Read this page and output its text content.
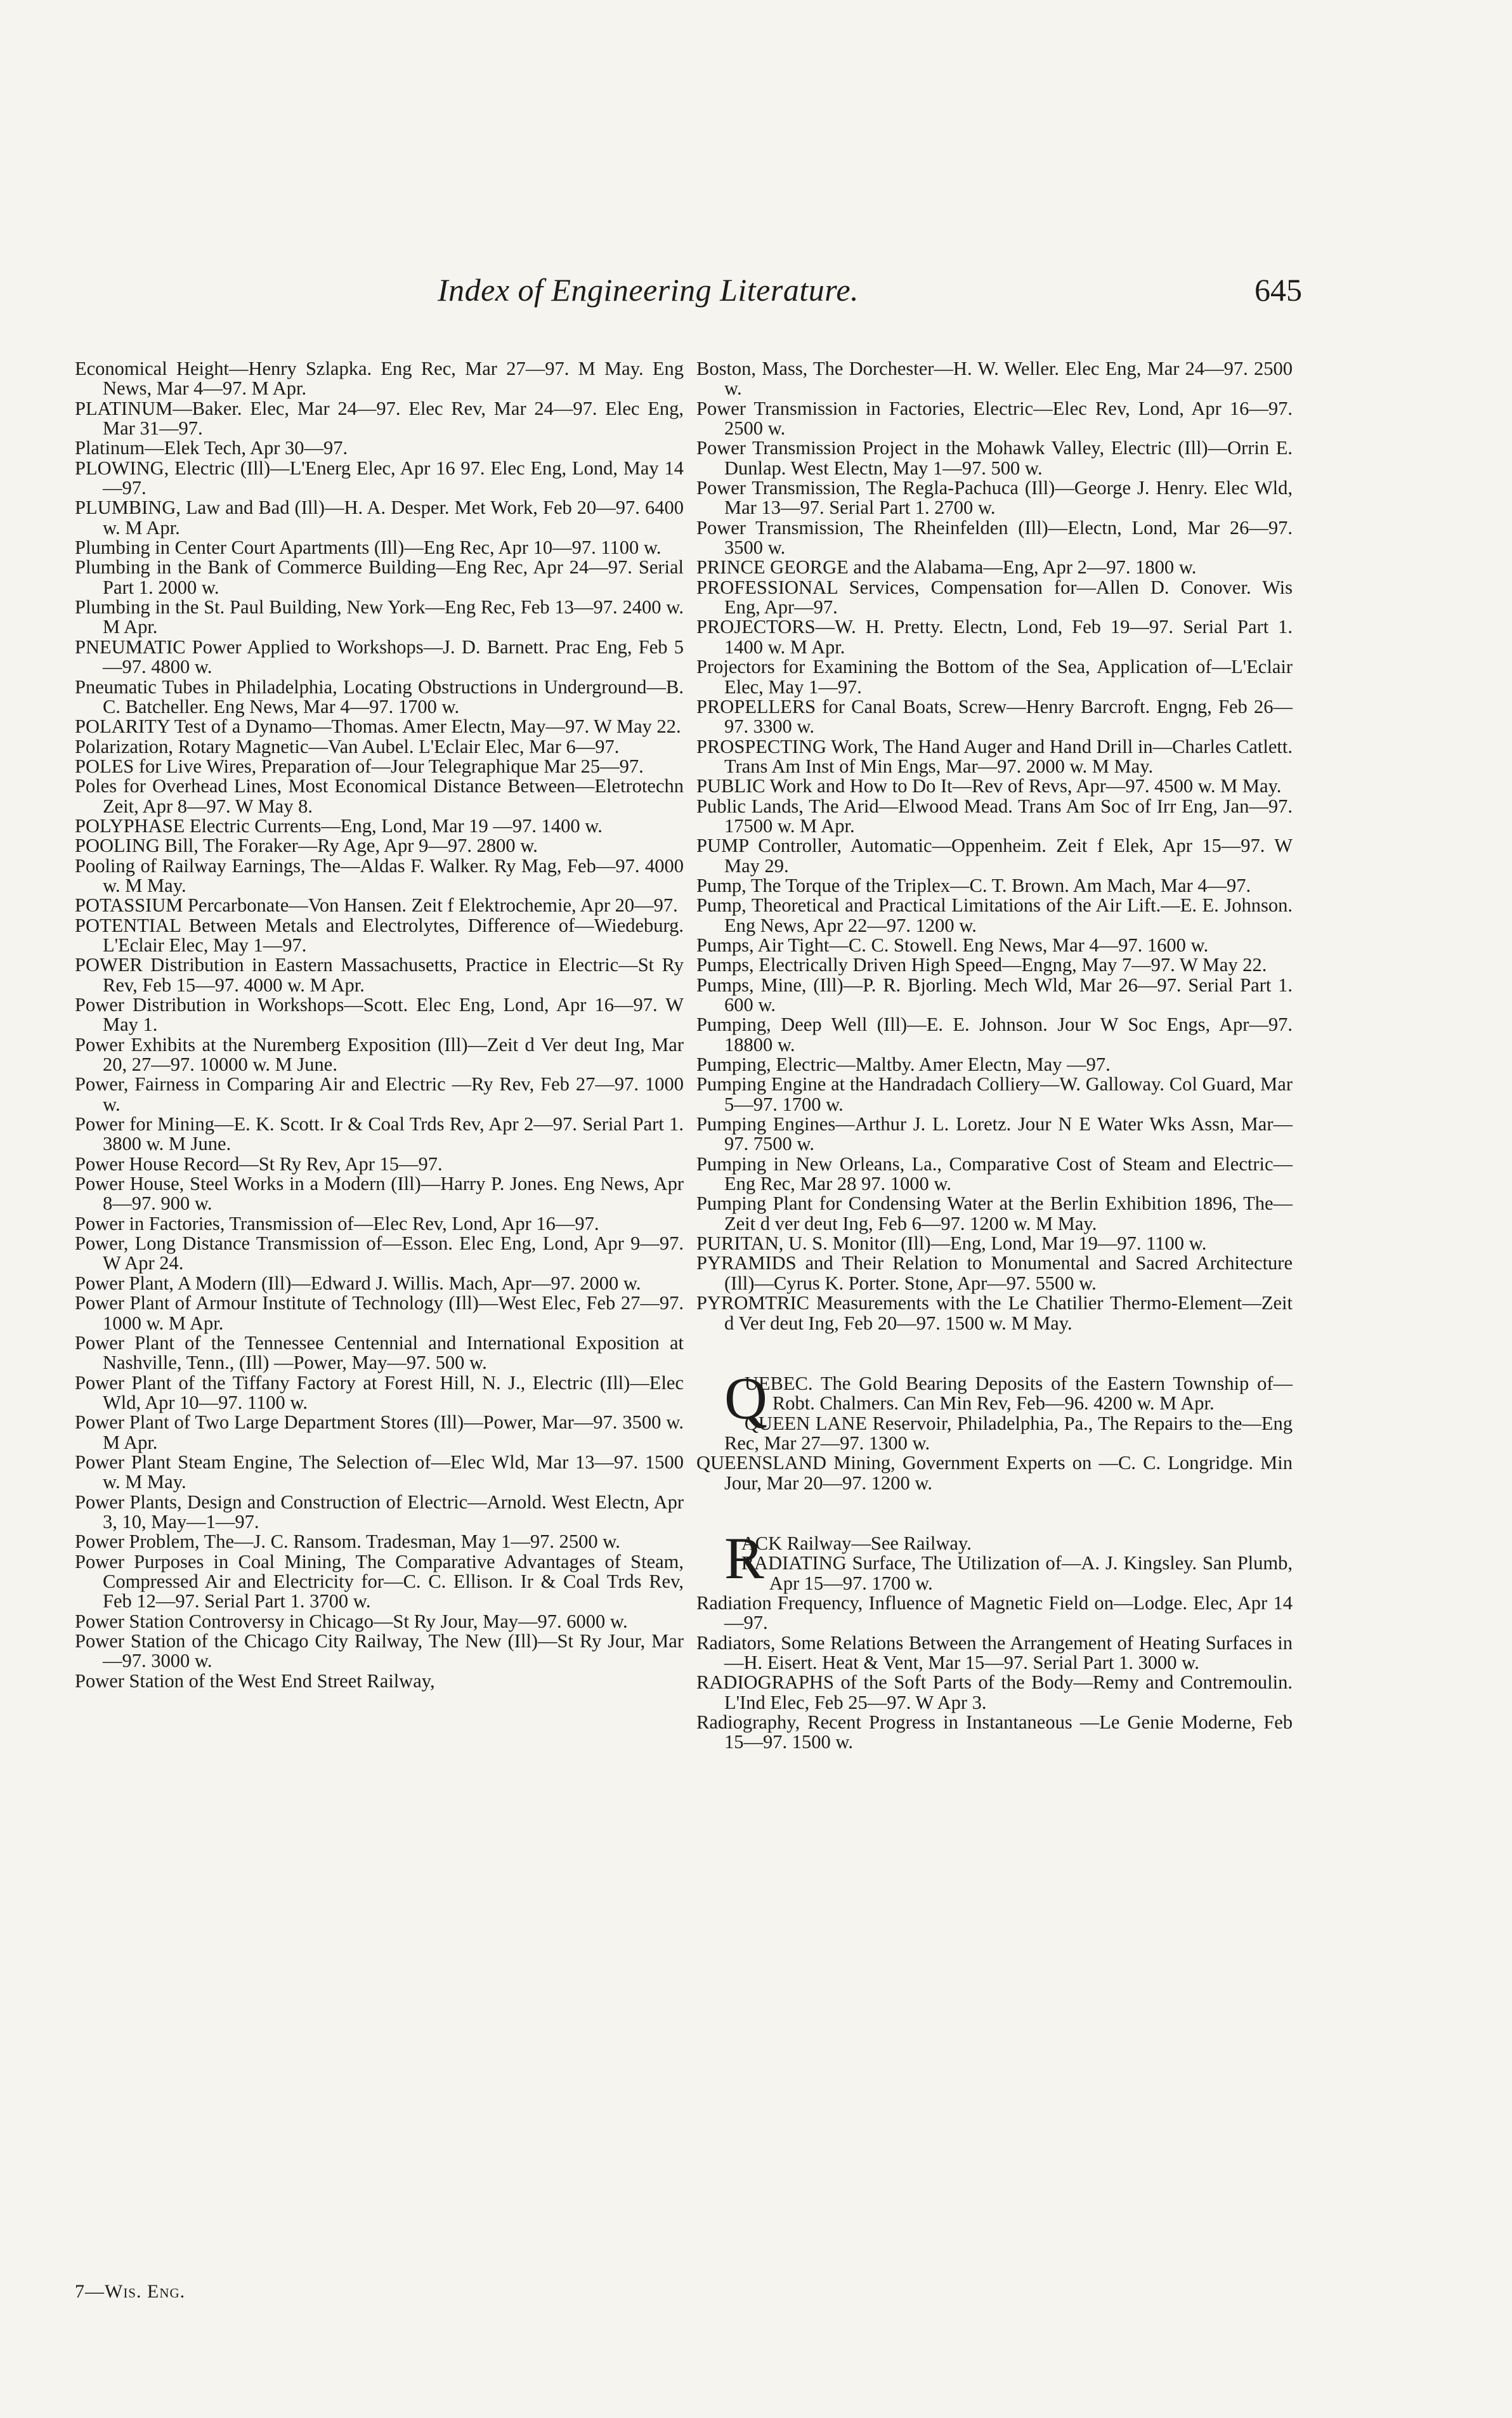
Index of Engineering Literature.	645
Economical Height—Henry Szlapka. Eng Rec, Mar 27—97. M May. Eng News, Mar 4—97. M Apr.
PLATINUM—Baker. Elec, Mar 24—97. Elec Rev, Mar 24—97. Elec Eng, Mar 31—97.
Platinum—Elek Tech, Apr 30—97.
PLOWING, Electric (Ill)—L'Energ Elec, Apr 16 97. Elec Eng, Lond, May 14—97.
PLUMBING, Law and Bad (Ill)—H. A. Desper. Met Work, Feb 20—97. 6400 w. M Apr.
Plumbing in Center Court Apartments (Ill)—Eng Rec, Apr 10—97. 1100 w.
Plumbing in the Bank of Commerce Building—Eng Rec, Apr 24—97. Serial Part 1. 2000 w.
Plumbing in the St. Paul Building, New York—Eng Rec, Feb 13—97. 2400 w. M Apr.
PNEUMATIC Power Applied to Workshops—J. D. Barnett. Prac Eng, Feb 5—97. 4800 w.
Pneumatic Tubes in Philadelphia, Locating Obstructions in Underground—B. C. Batcheller. Eng News, Mar 4—97. 1700 w.
POLARITY Test of a Dynamo—Thomas. Amer Electn, May—97. W May 22.
Polarization, Rotary Magnetic—Van Aubel. L'Eclair Elec, Mar 6—97.
POLES for Live Wires, Preparation of—Jour Telegraphique Mar 25—97.
Poles for Overhead Lines, Most Economical Distance Between—Eletrotechn Zeit, Apr 8—97. W May 8.
POLYPHASE Electric Currents—Eng, Lond, Mar 19 —97. 1400 w.
POOLING Bill, The Foraker—Ry Age, Apr 9—97. 2800 w.
Pooling of Railway Earnings, The—Aldas F. Walker. Ry Mag, Feb—97. 4000 w. M May.
POTASSIUM Percarbonate—Von Hansen. Zeit f Elektrochemie, Apr 20—97.
POTENTIAL Between Metals and Electrolytes, Difference of—Wiedeburg. L'Eclair Elec, May 1—97.
POWER Distribution in Eastern Massachusetts, Practice in Electric—St Ry Rev, Feb 15—97. 4000 w. M Apr.
Power Distribution in Workshops—Scott. Elec Eng, Lond, Apr 16—97. W May 1.
Power Exhibits at the Nuremberg Exposition (Ill)—Zeit d Ver deut Ing, Mar 20, 27—97. 10000 w. M June.
Power, Fairness in Comparing Air and Electric —Ry Rev, Feb 27—97. 1000 w.
Power for Mining—E. K. Scott. Ir & Coal Trds Rev, Apr 2—97. Serial Part 1. 3800 w. M June.
Power House Record—St Ry Rev, Apr 15—97.
Power House, Steel Works in a Modern (Ill)—Harry P. Jones. Eng News, Apr 8—97. 900 w.
Power in Factories, Transmission of—Elec Rev, Lond, Apr 16—97.
Power, Long Distance Transmission of—Esson. Elec Eng, Lond, Apr 9—97. W Apr 24.
Power Plant, A Modern (Ill)—Edward J. Willis. Mach, Apr—97. 2000 w.
Power Plant of Armour Institute of Technology (Ill)—West Elec, Feb 27—97. 1000 w. M Apr.
Power Plant of the Tennessee Centennial and International Exposition at Nashville, Tenn., (Ill) —Power, May—97. 500 w.
Power Plant of the Tiffany Factory at Forest Hill, N. J., Electric (Ill)—Elec Wld, Apr 10—97. 1100 w.
Power Plant of Two Large Department Stores (Ill)—Power, Mar—97. 3500 w. M Apr.
Power Plant Steam Engine, The Selection of—Elec Wld, Mar 13—97. 1500 w. M May.
Power Plants, Design and Construction of Electric—Arnold. West Electn, Apr 3, 10, May—1—97.
Power Problem, The—J. C. Ransom. Tradesman, May 1—97. 2500 w.
Power Purposes in Coal Mining, The Comparative Advantages of Steam, Compressed Air and Electricity for—C. C. Ellison. Ir & Coal Trds Rev, Feb 12—97. Serial Part 1. 3700 w.
Power Station Controversy in Chicago—St Ry Jour, May—97. 6000 w.
Power Station of the Chicago City Railway, The New (Ill)—St Ry Jour, Mar—97. 3000 w.
Power Station of the West End Street Railway,
Boston, Mass, The Dorchester—H. W. Weller. Elec Eng, Mar 24—97. 2500 w.
Power Transmission in Factories, Electric—Elec Rev, Lond, Apr 16—97. 2500 w.
Power Transmission Project in the Mohawk Valley, Electric (Ill)—Orrin E. Dunlap. West Electn, May 1—97. 500 w.
Power Transmission, The Regla-Pachuca (Ill)—George J. Henry. Elec Wld, Mar 13—97. Serial Part 1. 2700 w.
Power Transmission, The Rheinfelden (Ill)—Electn, Lond, Mar 26—97. 3500 w.
PRINCE GEORGE and the Alabama—Eng, Apr 2—97. 1800 w.
PROFESSIONAL Services, Compensation for—Allen D. Conover. Wis Eng, Apr—97.
PROJECTORS—W. H. Pretty. Electn, Lond, Feb 19—97. Serial Part 1. 1400 w. M Apr.
Projectors for Examining the Bottom of the Sea, Application of—L'Eclair Elec, May 1—97.
PROPELLERS for Canal Boats, Screw—Henry Barcroft. Engng, Feb 26—97. 3300 w.
PROSPECTING Work, The Hand Auger and Hand Drill in—Charles Catlett. Trans Am Inst of Min Engs, Mar—97. 2000 w. M May.
PUBLIC Work and How to Do It—Rev of Revs, Apr—97. 4500 w. M May.
Public Lands, The Arid—Elwood Mead. Trans Am Soc of Irr Eng, Jan—97. 17500 w. M Apr.
PUMP Controller, Automatic—Oppenheim. Zeit f Elek, Apr 15—97. W May 29.
Pump, The Torque of the Triplex—C. T. Brown. Am Mach, Mar 4—97.
Pump, Theoretical and Practical Limitations of the Air Lift.—E. E. Johnson. Eng News, Apr 22—97. 1200 w.
Pumps, Air Tight—C. C. Stowell. Eng News, Mar 4—97. 1600 w.
Pumps, Electrically Driven High Speed—Engng, May 7—97. W May 22.
Pumps, Mine, (Ill)—P. R. Bjorling. Mech Wld, Mar 26—97. Serial Part 1. 600 w.
Pumping, Deep Well (Ill)—E. E. Johnson. Jour W Soc Engs, Apr—97. 18800 w.
Pumping, Electric—Maltby. Amer Electn, May —97.
Pumping Engine at the Handradach Colliery—W. Galloway. Col Guard, Mar 5—97. 1700 w.
Pumping Engines—Arthur J. L. Loretz. Jour N E Water Wks Assn, Mar—97. 7500 w.
Pumping in New Orleans, La., Comparative Cost of Steam and Electric—Eng Rec, Mar 28 97. 1000 w.
Pumping Plant for Condensing Water at the Berlin Exhibition 1896, The—Zeit d ver deut Ing, Feb 6—97. 1200 w. M May.
PURITAN, U. S. Monitor (Ill)—Eng, Lond, Mar 19—97. 1100 w.
PYRAMIDS and Their Relation to Monumental and Sacred Architecture (Ill)—Cyrus K. Porter. Stone, Apr—97. 5500 w.
PYROMTRIC Measurements with the Le Chatilier Thermo-Element—Zeit d Ver deut Ing, Feb 20—97. 1500 w. M May.
Q
UEBEC. The Gold Bearing Deposits of the Eastern Township of—Robt. Chalmers. Can Min Rev, Feb—96. 4200 w. M Apr.
QUEEN LANE Reservoir, Philadelphia, Pa., The Repairs to the—Eng Rec, Mar 27—97. 1300 w.
QUEENSLAND Mining, Government Experts on —C. C. Longridge. Min Jour, Mar 20—97. 1200 w.
R
ACK Railway—See Railway.
RADIATING Surface, The Utilization of—A. J. Kingsley. San Plumb, Apr 15—97. 1700 w.
Radiation Frequency, Influence of Magnetic Field on—Lodge. Elec, Apr 14—97.
Radiators, Some Relations Between the Arrangement of Heating Surfaces in—H. Eisert. Heat & Vent, Mar 15—97. Serial Part 1. 3000 w.
RADIOGRAPHS of the Soft Parts of the Body—Remy and Contremoulin. L'Ind Elec, Feb 25—97. W Apr 3.
Radiography, Recent Progress in Instantaneous —Le Genie Moderne, Feb 15—97. 1500 w.
7—Wis. Eng.
